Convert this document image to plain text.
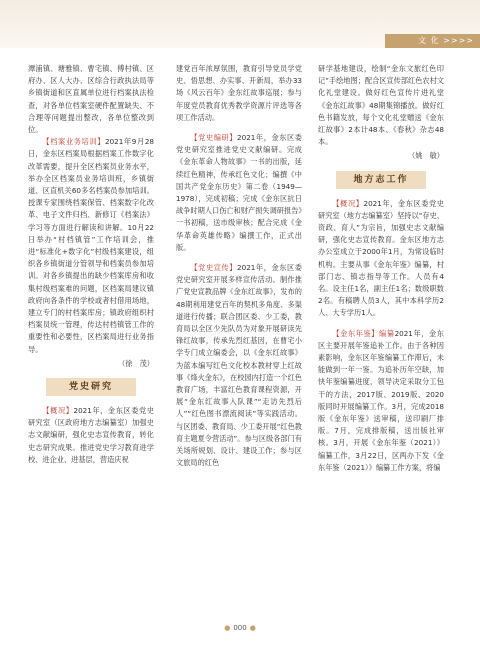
文 化 >>>>

潭浦镇、塘雅镇、曹宅镇、傅村镇、区府办、区人大办、区综合行政执法局等乡镇街道和区直属单位进行档案执法检查，对各单位档案室硬件配置缺失、不合理等问题提出整改，各单位整改到位。

【档案业务培训】2021年9月28日，金东区档案局根据档案工作数字化改革需要，提升全区档案员业务水平，举办全区档案员业务培训班，乡镇街道、区直机关60多名档案员参加培训。授课专家围绕档案保管、档案数字化改革、电子文件归档、新修订《档案法》学习等方面进行解读和讲解。10月22日举办“村档镇管”工作培训会，推进“标准化+数字化”村级档案建设，组织各乡镇街道分管领导和档案员参加培训。对各乡镇提出的缺少档案库房和收集村级档案难的问题，区档案局建议镇政府向各条件的学校或者村借用场地，建立专门的村档案库房；镇政府组织村档案员统一管理，传达村档镇管工作的重要性和必要性，区档案局进行业务指导。

（徐　茂）

党史研究

【概况】2021年，金东区委党史研究室（区政府地方志编纂室）加强史志文献编研，强化史志宣传教育，转化史志研究成果。推进党史学习教育进学校、进企业、进基层，营造庆祝

建党百年浓厚氛围，教育引导党员学党史、悟思想、办实事、开新局，举办33场《风云百年》金东红故事巡展；参与年度党员教育优秀教学资源片评选等各项工作活动。

【党史编研】2021年，金东区委党史研究室推进党史文献编研。完成《金东革命人物故事》一书的出版，延续红色精神，传承红色文化；编撰《中国共产党金东历史》第二卷（1949—1978），完成初稿；完成《金东区抗日战争时期人口伤亡和财产损失调研报告》一书初稿，送市级审核；配合完成《金华革命英雄传略》编撰工作，正式出版。

【党史宣传】2021年，金东区委党史研究室开展多样宣传活动。制作推广党史宣教品牌《金东红故事》，发布的48期利用建党百年的契机多角度、多渠道进行传播；联合团区委、少工委，教育局以全区少先队员为对象开展研读先锋红故事，传承先烈红基因，在曹宅小学专门成立编委会，以《金东红故事》为蓝本编写红色文化校本教材穿上红故事《烽火金东》，在校园内打造一个红色教育广场，丰富红色教育课程资源，开展“金东红故事入队课”“走访先烈后人”“红色图书漂流阅读”等实践活动。与区团委、教育局、少工委开展“红色教育主题夏令营活动”。参与区级各部门有关场所规划、设计、建设工作；参与区文旅局的红色

研学基地建设，绘制“金东文旅红色印记”手绘地图；配合区宣传部红色农村文化礼堂建设。做好红色宣传片进礼堂《金东红故事》48期集锦播放。做好红色书籍发放，每个文化礼堂赠送《金东红故事》2本计48本、《春秋》杂志48本。

（姚　敏）

地方志工作

【概况】2021年，金东区委党史研究室（地方志编纂室）坚持以“存史、资政、育人”为宗旨，加强史志文献编研，强化史志宣传教育。金东区地方志办公室成立于2000年1月，为常设临时机构。主要从事《金东年鉴》编纂，村部门志、镇志指导等工作。人员有4名。设主任1名，副主任1名；数级职数2名。有稿聘人员3人，其中本科学历2人、大专学历1人。

【金东年鉴】编纂2021年，金东区主要开展年鉴追补工作。由于各种因素影响，金东区年鉴编纂工作滞后，未能做到一年一鉴。为追补历年空缺，加快年鉴编纂进度，领导决定采取分工包干的方法，2017版、2019版、2020版同时开展编纂工作。3月，完成2018版《金东年鉴》送审稿，送印刷厂排版。7月，完成排版稿，送出版社审核。3月，开展《金东年鉴（2021）》编纂工作，3月22日，区两办下发《金东年鉴（2021）》编纂工作方案，将编

● 000 ●
